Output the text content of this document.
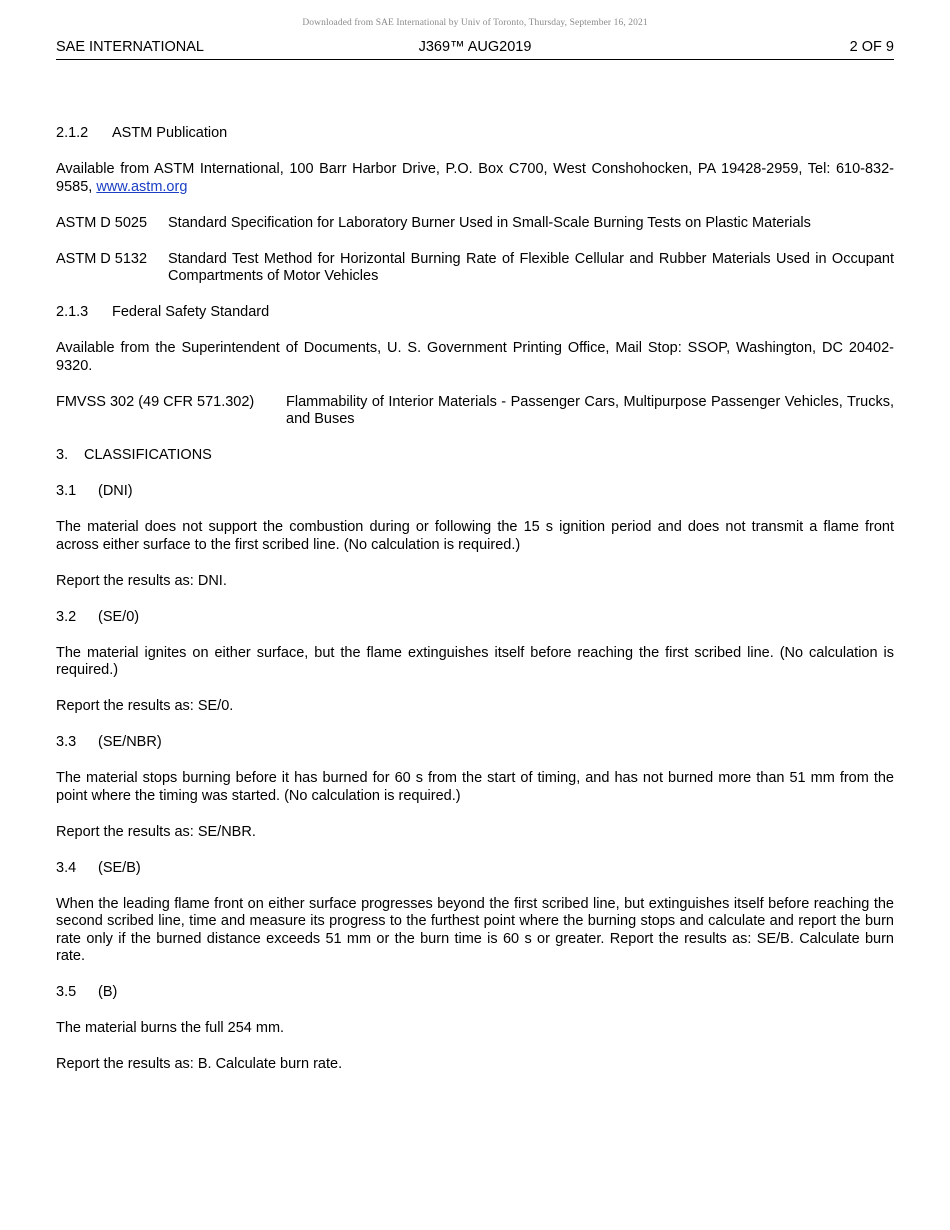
Downloaded from SAE International by Univ of Toronto, Thursday, September 16, 2021
SAE INTERNATIONAL	J369™ AUG2019	2 OF 9
2.1.2	ASTM Publication

Available from ASTM International, 100 Barr Harbor Drive, P.O. Box C700, West Conshohocken, PA 19428-2959, Tel: 610-832-9585, www.astm.org

ASTM D 5025	Standard Specification for Laboratory Burner Used in Small-Scale Burning Tests on Plastic Materials
ASTM D 5132	Standard Test Method for Horizontal Burning Rate of Flexible Cellular and Rubber Materials Used in Occupant Compartments of Motor Vehicles
2.1.3	Federal Safety Standard

Available from the Superintendent of Documents, U. S. Government Printing Office, Mail Stop: SSOP, Washington, DC 20402-9320.

FMVSS 302 (49 CFR 571.302)	Flammability of Interior Materials - Passenger Cars, Multipurpose Passenger Vehicles, Trucks, and Buses
3.	CLASSIFICATIONS
3.1	(DNI)

The material does not support the combustion during or following the 15 s ignition period and does not transmit a flame front across either surface to the first scribed line. (No calculation is required.)

Report the results as: DNI.

3.2	(SE/0)

The material ignites on either surface, but the flame extinguishes itself before reaching the first scribed line. (No calculation is required.)

Report the results as: SE/0.

3.3	(SE/NBR)

The material stops burning before it has burned for 60 s from the start of timing, and has not burned more than 51 mm from the point where the timing was started. (No calculation is required.)

Report the results as: SE/NBR.

3.4	(SE/B)

When the leading flame front on either surface progresses beyond the first scribed line, but extinguishes itself before reaching the second scribed line, time and measure its progress to the furthest point where the burning stops and calculate and report the burn rate only if the burned distance exceeds 51 mm or the burn time is 60 s or greater. Report the results as: SE/B. Calculate burn rate.

3.5	(B)

The material burns the full 254 mm.

Report the results as: B. Calculate burn rate.
